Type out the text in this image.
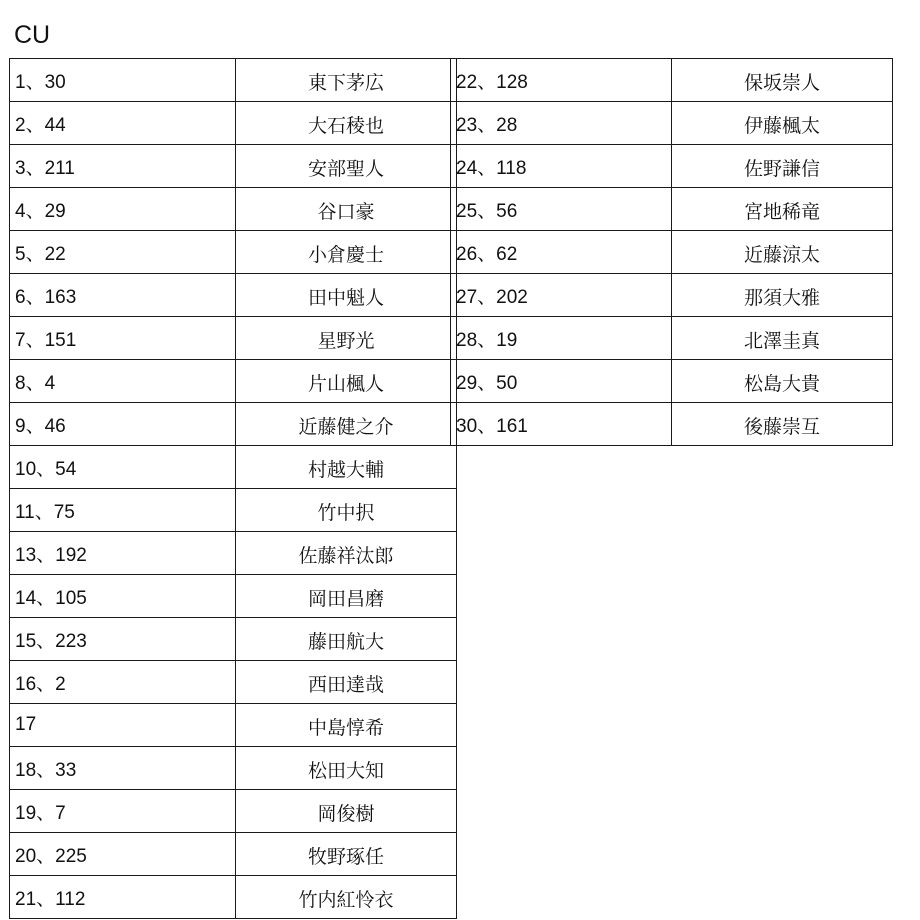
CU
1、30	東下茅広
2、44	大石稜也
3、211	安部聖人
4、29	谷口豪
5、22	小倉慶士
6、163	田中魁人
7、151	星野光
8、4	片山楓人
9、46	近藤健之介
10、54	村越大輔
11、75	竹中択
13、192	佐藤祥汰郎
14、105	岡田昌磨
15、223	藤田航大
16、2	西田達哉
17	中島惇希
18、33	松田大知
19、7	岡俊樹
20、225	牧野琢任
21、112	竹内紅怜衣
22、128	保坂崇人
23、28	伊藤楓太
24、118	佐野謙信
25、56	宮地稀竜
26、62	近藤涼太
27、202	那須大雅
28、19	北澤圭真
29、50	松島大貴
30、161	後藤崇互
